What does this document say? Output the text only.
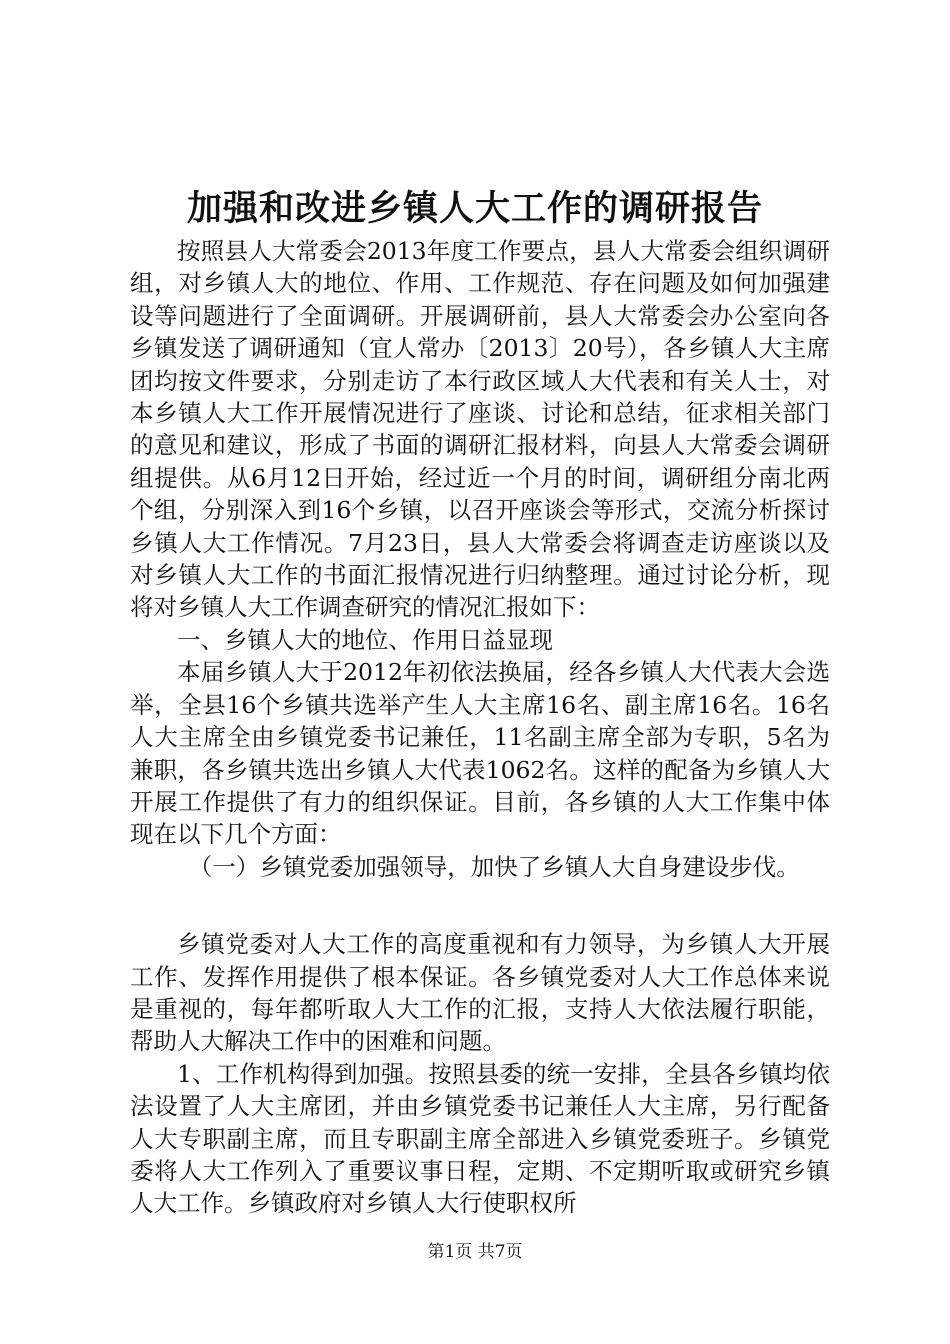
加强和改进乡镇人大工作的调研报告

按照县人大常委会2013年度工作要点，县人大常委会组织调研组，对乡镇人大的地位、作用、工作规范、存在问题及如何加强建设等问题进行了全面调研。开展调研前，县人大常委会办公室向各乡镇发送了调研通知（宜人常办〔2013〕20号），各乡镇人大主席团均按文件要求，分别走访了本行政区域人大代表和有关人士，对本乡镇人大工作开展情况进行了座谈、讨论和总结，征求相关部门的意见和建议，形成了书面的调研汇报材料，向县人大常委会调研组提供。从6月12日开始，经过近一个月的时间，调研组分南北两个组，分别深入到16个乡镇，以召开座谈会等形式，交流分析探讨乡镇人大工作情况。7月23日，县人大常委会将调查走访座谈以及对乡镇人大工作的书面汇报情况进行归纳整理。通过讨论分析，现将对乡镇人大工作调查研究的情况汇报如下：

一、乡镇人大的地位、作用日益显现

本届乡镇人大于2012年初依法换届，经各乡镇人大代表大会选举，全县16个乡镇共选举产生人大主席16名、副主席16名。16名人大主席全由乡镇党委书记兼任，11名副主席全部为专职，5名为兼职，各乡镇共选出乡镇人大代表1062名。这样的配备为乡镇人大开展工作提供了有力的组织保证。目前，各乡镇的人大工作集中体现在以下几个方面：

（一）乡镇党委加强领导，加快了乡镇人大自身建设步伐。

乡镇党委对人大工作的高度重视和有力领导，为乡镇人大开展工作、发挥作用提供了根本保证。各乡镇党委对人大工作总体来说是重视的，每年都听取人大工作的汇报，支持人大依法履行职能，帮助人大解决工作中的困难和问题。

1、工作机构得到加强。按照县委的统一安排，全县各乡镇均依法设置了人大主席团，并由乡镇党委书记兼任人大主席，另行配备人大专职副主席，而且专职副主席全部进入乡镇党委班子。乡镇党委将人大工作列入了重要议事日程，定期、不定期听取或研究乡镇人大工作。乡镇政府对乡镇人大行使职权所

第1页 共7页
